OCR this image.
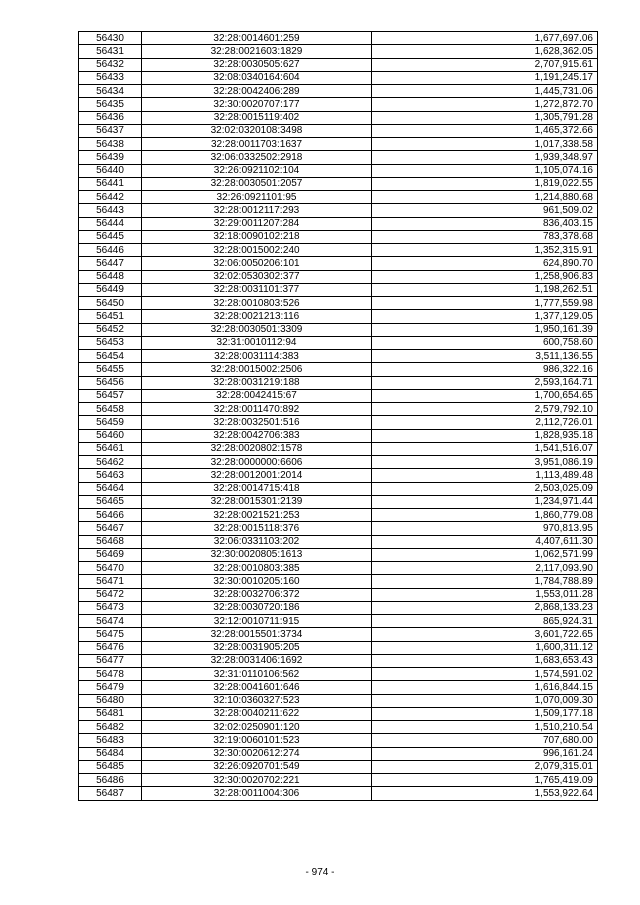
56430	32:28:0014601:259	1,677,697.06
56431	32:28:0021603:1829	1,628,362.05
56432	32:28:0030505:627	2,707,915.61
56433	32:08:0340164:604	1,191,245.17
56434	32:28:0042406:289	1,445,731.06
56435	32:30:0020707:177	1,272,872.70
56436	32:28:0015119:402	1,305,791.28
56437	32:02:0320108:3498	1,465,372.66
56438	32:28:0011703:1637	1,017,338.58
56439	32:06:0332502:2918	1,939,348.97
56440	32:26:0921102:104	1,105,074.16
56441	32:28:0030501:2057	1,819,022.55
56442	32:26:0921101:95	1,214,880.68
56443	32:28:0012117:293	961,509.02
56444	32:29:0011207:284	836,403.15
56445	32:18:0090102:218	783,378.68
56446	32:28:0015002:240	1,352,315.91
56447	32:06:0050206:101	624,890.70
56448	32:02:0530302:377	1,258,906.83
56449	32:28:0031101:377	1,198,262.51
56450	32:28:0010803:526	1,777,559.98
56451	32:28:0021213:116	1,377,129.05
56452	32:28:0030501:3309	1,950,161.39
56453	32:31:0010112:94	600,758.60
56454	32:28:0031114:383	3,511,136.55
56455	32:28:0015002:2506	986,322.16
56456	32:28:0031219:188	2,593,164.71
56457	32:28:0042415:67	1,700,654.65
56458	32:28:0011470:892	2,579,792.10
56459	32:28:0032501:516	2,112,726.01
56460	32:28:0042706:383	1,828,935.18
56461	32:28:0020802:1578	1,541,516.07
56462	32:28:0000000:6606	3,951,086.19
56463	32:28:0012001:2014	1,113,489.48
56464	32:28:0014715:418	2,503,025.09
56465	32:28:0015301:2139	1,234,971.44
56466	32:28:0021521:253	1,860,779.08
56467	32:28:0015118:376	970,813.95
56468	32:06:0331103:202	4,407,611.30
56469	32:30:0020805:1613	1,062,571.99
56470	32:28:0010803:385	2,117,093.90
56471	32:30:0010205:160	1,784,788.89
56472	32:28:0032706:372	1,553,011.28
56473	32:28:0030720:186	2,868,133.23
56474	32:12:0010711:915	865,924.31
56475	32:28:0015501:3734	3,601,722.65
56476	32:28:0031905:205	1,600,311.12
56477	32:28:0031406:1692	1,683,653.43
56478	32:31:0110106:562	1,574,591.02
56479	32:28:0041601:646	1,616,844.15
56480	32:10:0360327:523	1,070,009.30
56481	32:28:0040211:622	1,509,177.18
56482	32:02:0250901:120	1,510,210.54
56483	32:19:0060101:523	707,680.00
56484	32:30:0020612:274	996,161.24
56485	32:26:0920701:549	2,079,315.01
56486	32:30:0020702:221	1,765,419.09
56487	32:28:0011004:306	1,553,922.64
- 974 -
